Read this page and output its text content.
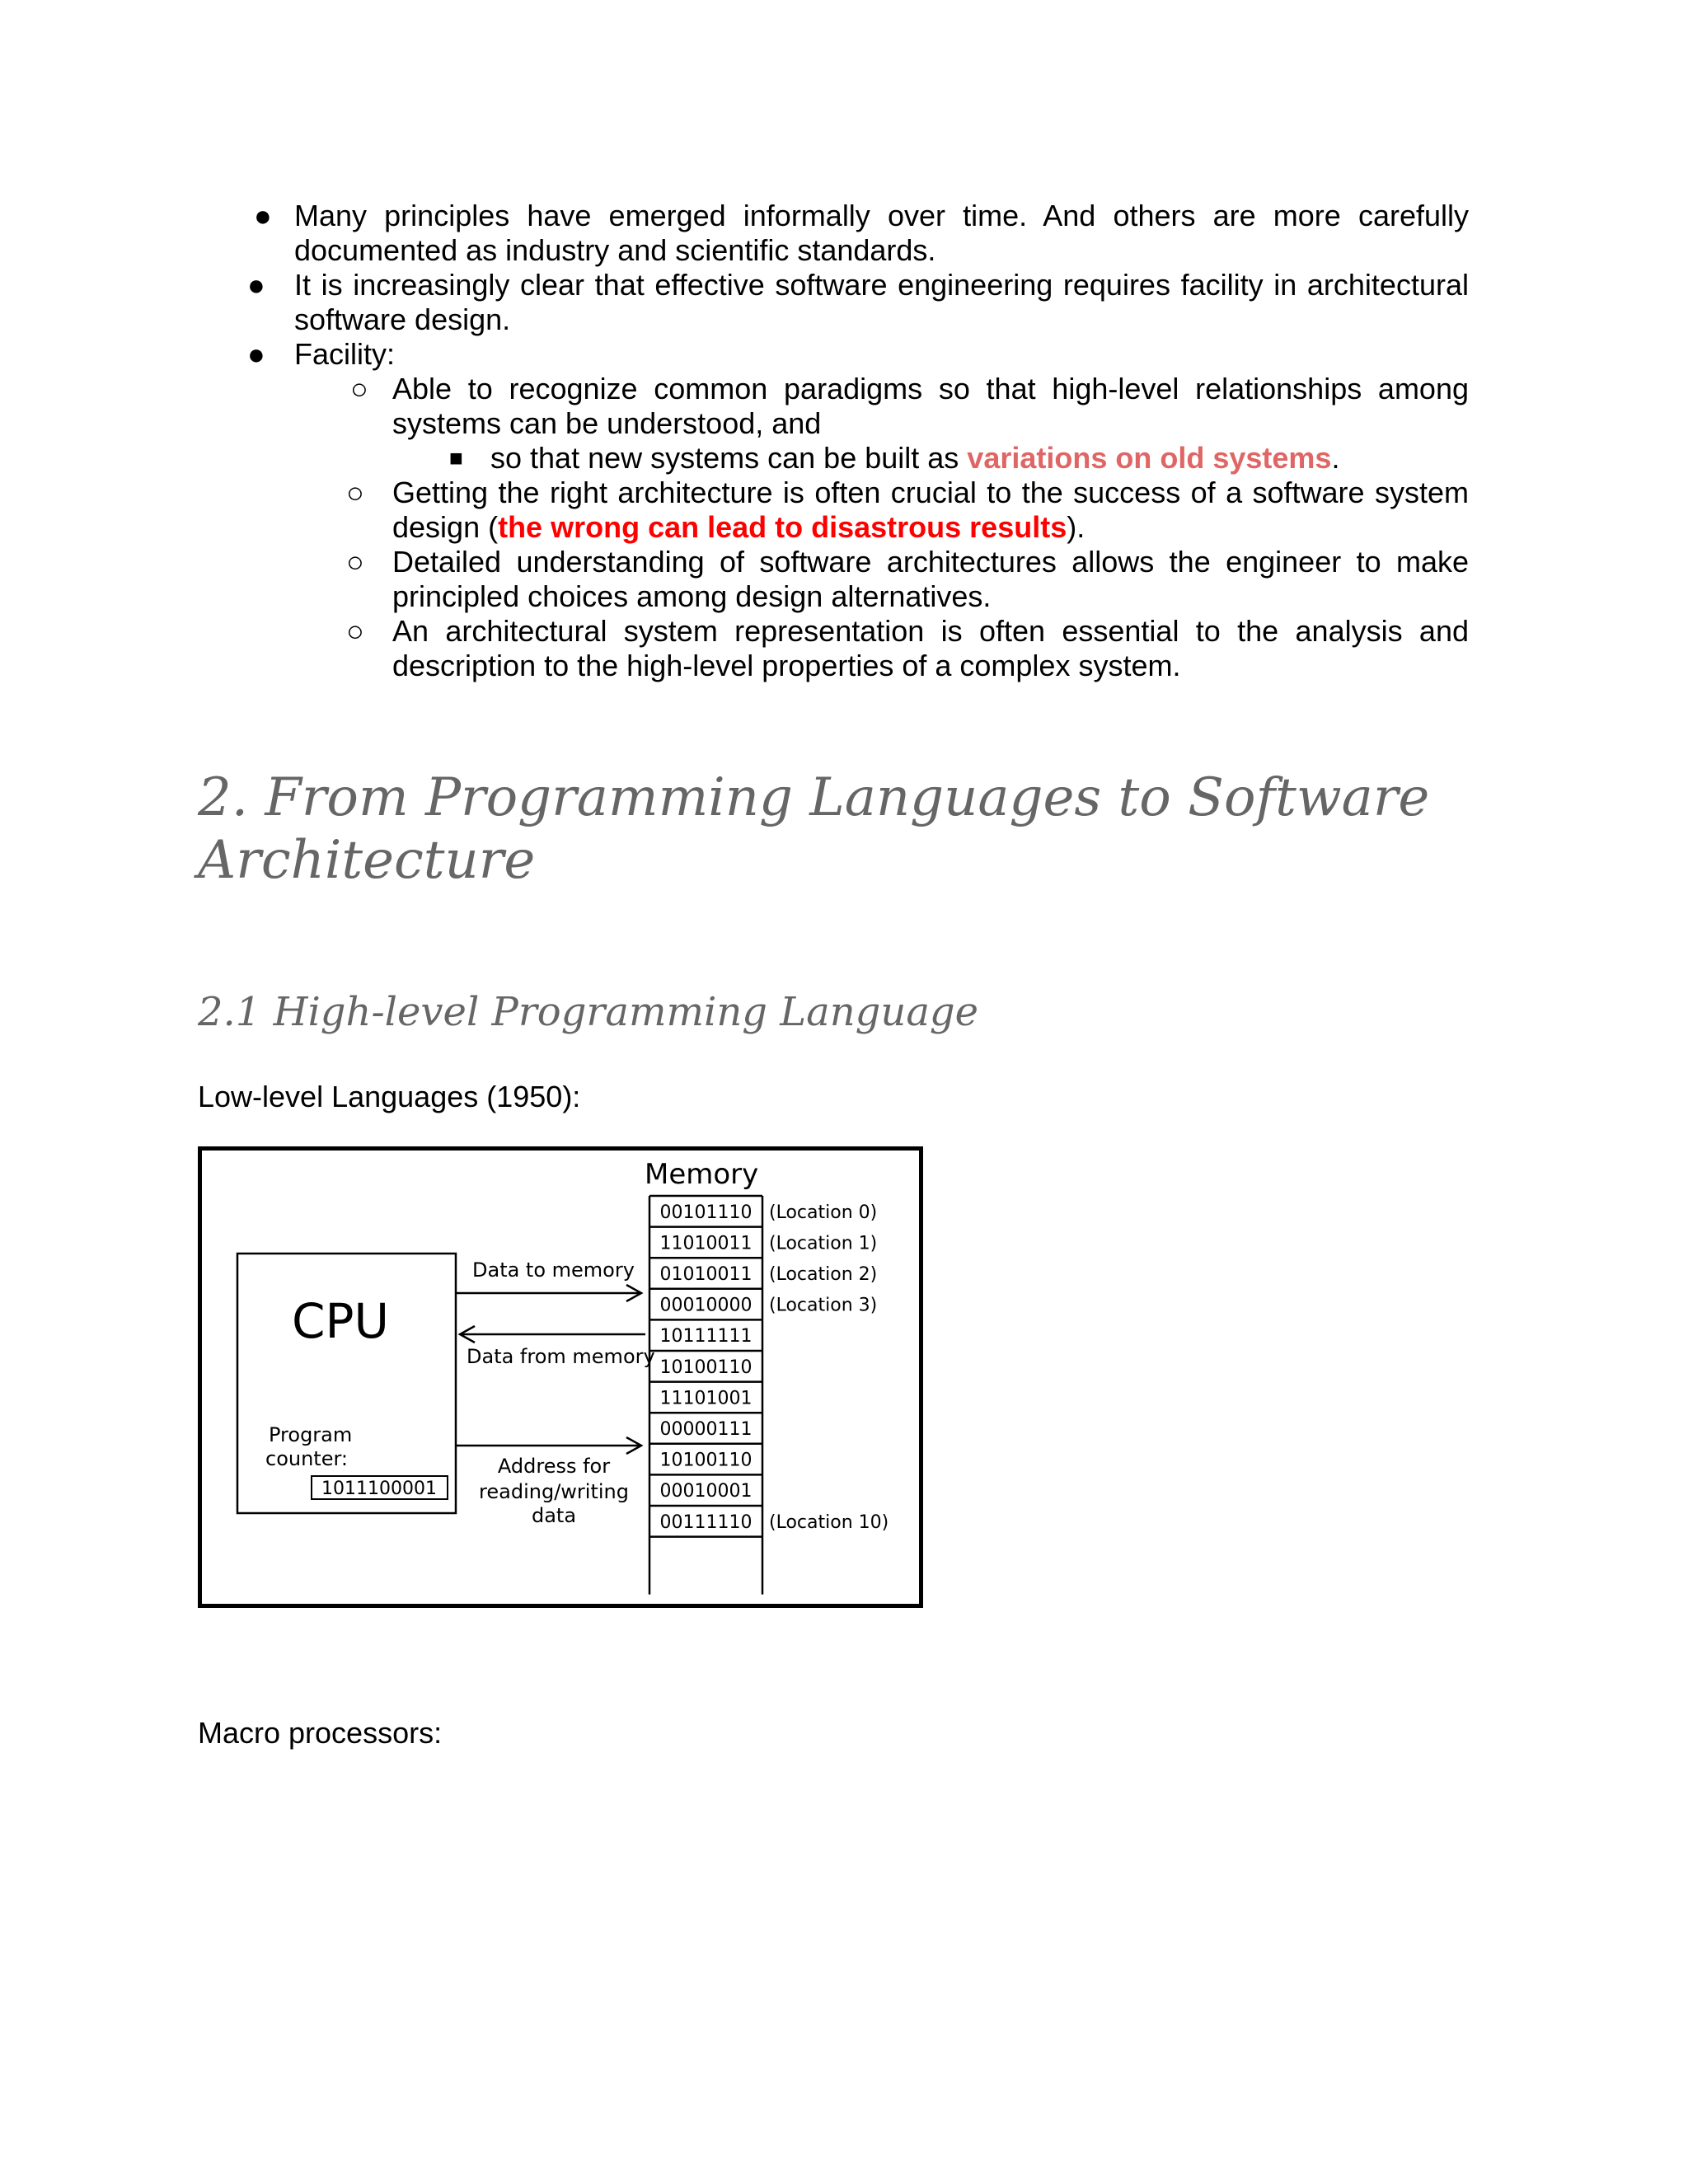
● Many principles have emerged informally over time. And others are more carefully documented as industry and scientific standards.
● It is increasingly clear that effective software engineering requires facility in architectural software design.
● Facility:
○ Able to recognize common paradigms so that high-level relationships among systems can be understood, and
■ so that new systems can be built as variations on old systems.
○ Getting the right architecture is often crucial to the success of a software system design (the wrong can lead to disastrous results).
○ Detailed understanding of software architectures allows the engineer to make principled choices among design alternatives.
○ An architectural system representation is often essential to the analysis and description to the high-level properties of a complex system.
2. From Programming Languages to Software Architecture
2.1 High-level Programming Language
Low-level Languages (1950):
CPU
Program
counter:
1011100001
Data to memory
Data from memory
Address for
reading/writing
data
Memory
00101110 (Location 0)
11010011 (Location 1)
01010011 (Location 2)
00010000 (Location 3)
10111111
10100110
11101001
00000111
10100110
00010001
00111110 (Location 10)
Macro processors:
